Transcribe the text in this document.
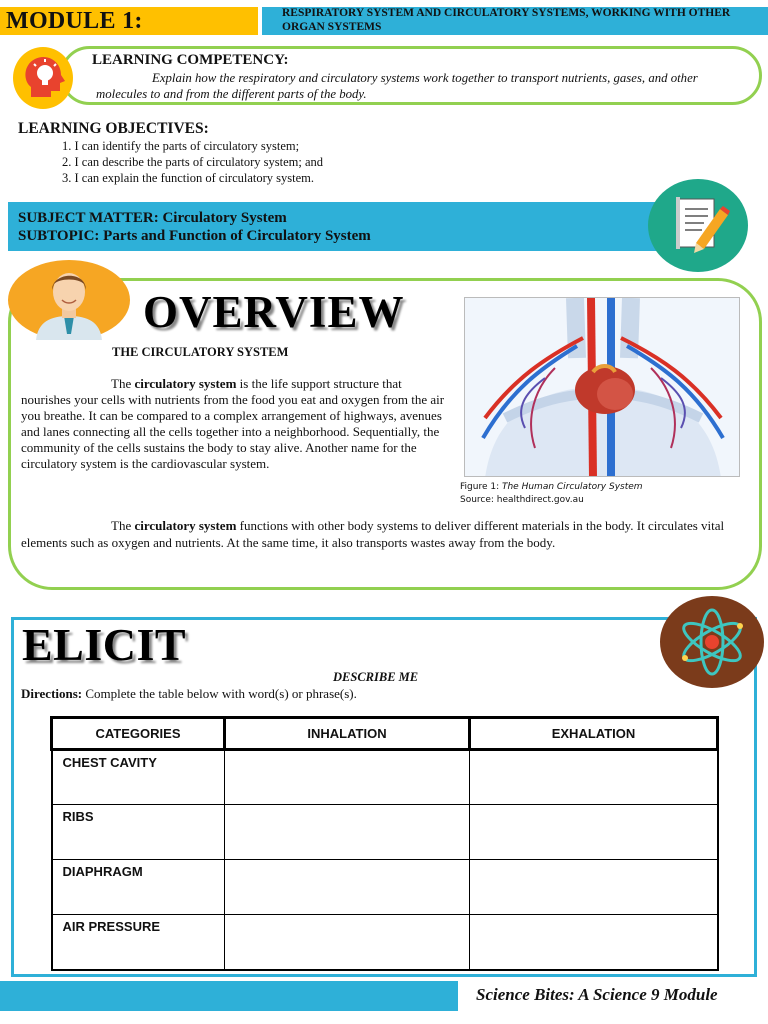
MODULE 1:	RESPIRATORY SYSTEM AND CIRCULATORY SYSTEMS, WORKING WITH OTHER ORGAN SYSTEMS
LEARNING COMPETENCY:
Explain how the respiratory and circulatory systems work together to transport nutrients, gases, and other molecules to and from the different parts of the body.
LEARNING OBJECTIVES:
1. I can identify the parts of circulatory system;
2. I can describe the parts of circulatory system; and
3. I can explain the function of circulatory system.
SUBJECT MATTER: Circulatory System
SUBTOPIC: Parts and Function of Circulatory System
OVERVIEW
THE CIRCULATORY SYSTEM
The circulatory system is the life support structure that nourishes your cells with nutrients from the food you eat and oxygen from the air you breathe. It can be compared to a complex arrangement of highways, avenues and lanes connecting all the cells together into a neighborhood. Sequentially, the community of the cells sustains the body to stay alive. Another name for the circulatory system is the cardiovascular system.
Figure 1: The Human Circulatory System
Source: healthdirect.gov.au
The circulatory system functions with other body systems to deliver different materials in the body. It circulates vital elements such as oxygen and nutrients. At the same time, it also transports wastes away from the body.
ELICIT
DESCRIBE ME
Directions: Complete the table below with word(s) or phrase(s).
CATEGORIES	INHALATION	EXHALATION
CHEST CAVITY		
RIBS		
DIAPHRAGM		
AIR PRESSURE		
Science Bites: A Science 9 Module
